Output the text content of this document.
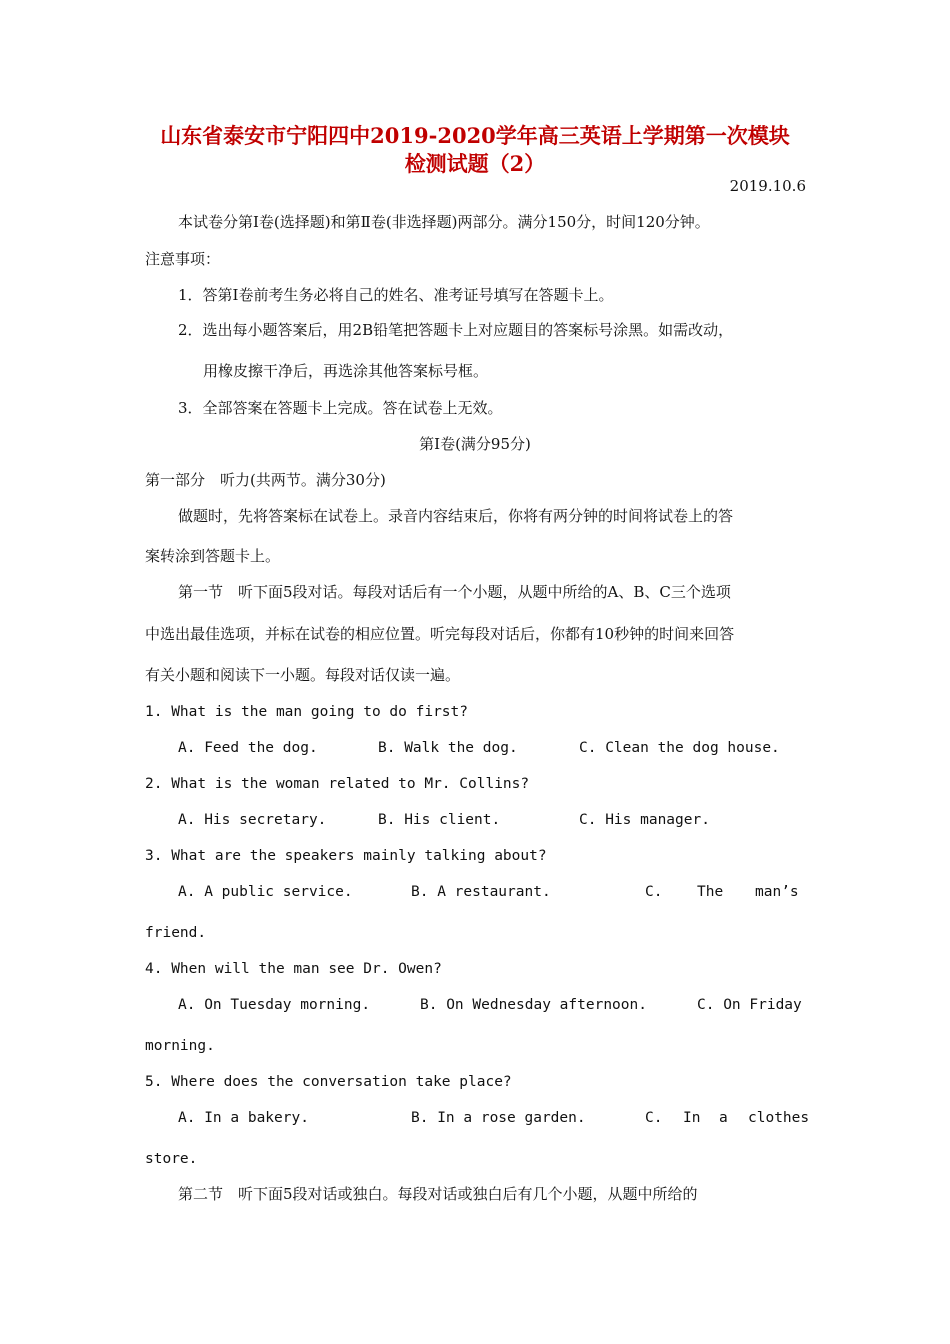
山东省泰安市宁阳四中2019-2020学年高三英语上学期第一次模块
检测试题（2）
2019.10.6
本试卷分第Ⅰ卷(选择题)和第Ⅱ卷(非选择题)两部分。满分150分，时间120分钟。
注意事项：
1．答第Ⅰ卷前考生务必将自己的姓名、准考证号填写在答题卡上。
2．选出每小题答案后，用2B铅笔把答题卡上对应题目的答案标号涂黑。如需改动，
用橡皮擦干净后，再选涂其他答案标号框。
3．全部答案在答题卡上完成。答在试卷上无效。
第Ⅰ卷(满分95分)
第一部分　听力(共两节。满分30分)
做题时，先将答案标在试卷上。录音内容结束后，你将有两分钟的时间将试卷上的答
案转涂到答题卡上。
第一节　听下面5段对话。每段对话后有一个小题，从题中所给的A、B、C三个选项
中选出最佳选项，并标在试卷的相应位置。听完每段对话后，你都有10秒钟的时间来回答
有关小题和阅读下一小题。每段对话仅读一遍。
1. What is the man going to do first?
A. Feed the dog.	B. Walk the dog.	C. Clean the dog house.
2. What is the woman related to Mr. Collins?
A. His secretary.	B. His client.	C. His manager.
3. What are the speakers mainly talking about?
A. A public service.	B. A restaurant.	C. The man’s
friend.
4. When will the man see Dr. Owen?
A. On Tuesday morning.	B. On Wednesday afternoon.	C. On Friday
morning.
5. Where does the conversation take place?
A. In a bakery.	B. In a rose garden.	C. In a clothes
store.
第二节　听下面5段对话或独白。每段对话或独白后有几个小题，从题中所给的
